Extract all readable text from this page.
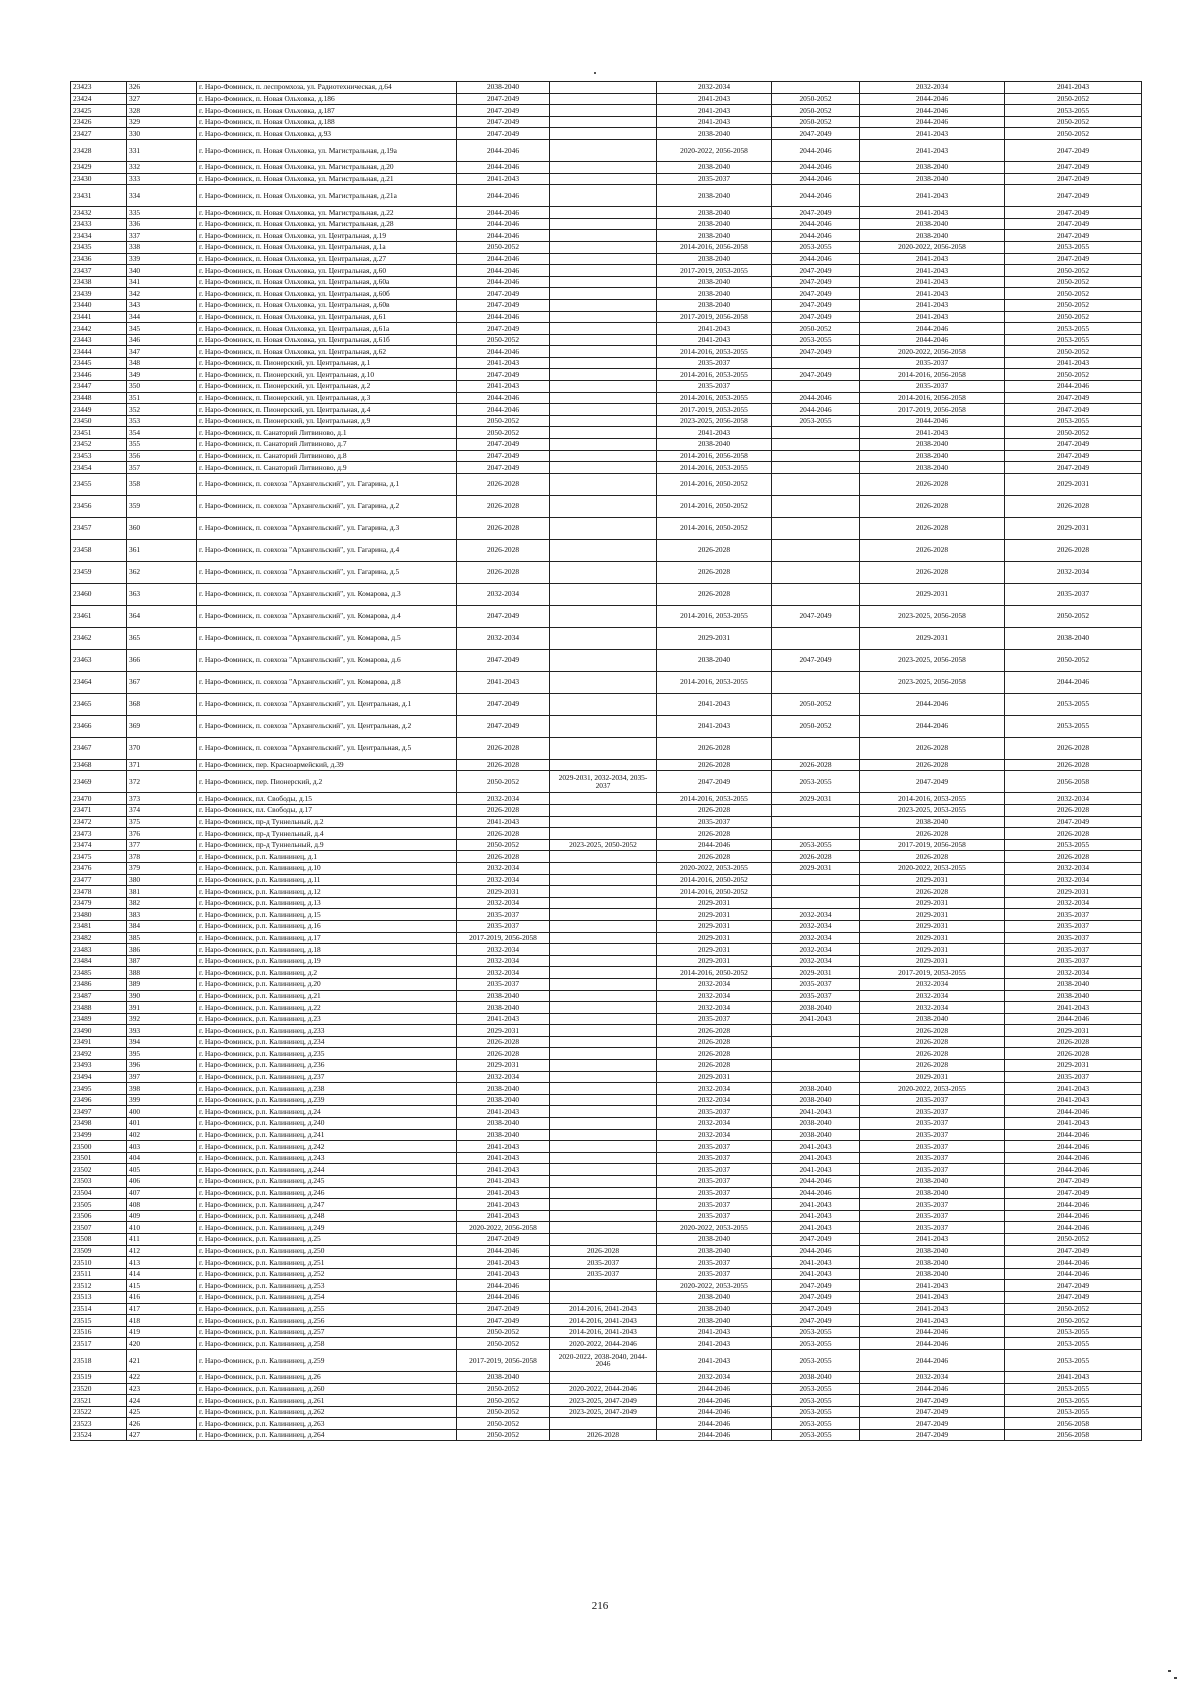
23423	326	г. Наро-Фоминск, п. леспромхоза, ул. Радиотехническая, д.64	2038-2040		2032-2034		2032-2034	2041-2043
23424	327	г. Наро-Фоминск, п. Новая Ольховка, д.186	2047-2049		2041-2043	2050-2052	2044-2046	2050-2052
23425	328	г. Наро-Фоминск, п. Новая Ольховка, д.187	2047-2049		2041-2043	2050-2052	2044-2046	2053-2055
23426	329	г. Наро-Фоминск, п. Новая Ольховка, д.188	2047-2049		2041-2043	2050-2052	2044-2046	2050-2052
23427	330	г. Наро-Фоминск, п. Новая Ольховка, д.93	2047-2049		2038-2040	2047-2049	2041-2043	2050-2052
23428	331	г. Наро-Фоминск, п. Новая Ольховка, ул. Магистральная, д.19а	2044-2046		2020-2022, 2056-2058	2044-2046	2041-2043	2047-2049
23429	332	г. Наро-Фоминск, п. Новая Ольховка, ул. Магистральная, д.20	2044-2046		2038-2040	2044-2046	2038-2040	2047-2049
23430	333	г. Наро-Фоминск, п. Новая Ольховка, ул. Магистральная, д.21	2041-2043		2035-2037	2044-2046	2038-2040	2047-2049
23431	334	г. Наро-Фоминск, п. Новая Ольховка, ул. Магистральная, д.21а	2044-2046		2038-2040	2044-2046	2041-2043	2047-2049
23432	335	г. Наро-Фоминск, п. Новая Ольховка, ул. Магистральная, д.22	2044-2046		2038-2040	2047-2049	2041-2043	2047-2049
23433	336	г. Наро-Фоминск, п. Новая Ольховка, ул. Магистральная, д.28	2044-2046		2038-2040	2044-2046	2038-2040	2047-2049
23434	337	г. Наро-Фоминск, п. Новая Ольховка, ул. Центральная, д.19	2044-2046		2038-2040	2044-2046	2038-2040	2047-2049
23435	338	г. Наро-Фоминск, п. Новая Ольховка, ул. Центральная, д.1а	2050-2052		2014-2016, 2056-2058	2053-2055	2020-2022, 2056-2058	2053-2055
23436	339	г. Наро-Фоминск, п. Новая Ольховка, ул. Центральная, д.27	2044-2046		2038-2040	2044-2046	2041-2043	2047-2049
23437	340	г. Наро-Фоминск, п. Новая Ольховка, ул. Центральная, д.60	2044-2046		2017-2019, 2053-2055	2047-2049	2041-2043	2050-2052
23438	341	г. Наро-Фоминск, п. Новая Ольховка, ул. Центральная, д.60а	2044-2046		2038-2040	2047-2049	2041-2043	2050-2052
23439	342	г. Наро-Фоминск, п. Новая Ольховка, ул. Центральная, д.60б	2047-2049		2038-2040	2047-2049	2041-2043	2050-2052
23440	343	г. Наро-Фоминск, п. Новая Ольховка, ул. Центральная, д.60в	2047-2049		2038-2040	2047-2049	2041-2043	2050-2052
23441	344	г. Наро-Фоминск, п. Новая Ольховка, ул. Центральная, д.61	2044-2046		2017-2019, 2056-2058	2047-2049	2041-2043	2050-2052
23442	345	г. Наро-Фоминск, п. Новая Ольховка, ул. Центральная, д.61а	2047-2049		2041-2043	2050-2052	2044-2046	2053-2055
23443	346	г. Наро-Фоминск, п. Новая Ольховка, ул. Центральная, д.61б	2050-2052		2041-2043	2053-2055	2044-2046	2053-2055
23444	347	г. Наро-Фоминск, п. Новая Ольховка, ул. Центральная, д.62	2044-2046		2014-2016, 2053-2055	2047-2049	2020-2022, 2056-2058	2050-2052
23445	348	г. Наро-Фоминск, п. Пионерский, ул. Центральная, д.1	2041-2043		2035-2037		2035-2037	2041-2043
23446	349	г. Наро-Фоминск, п. Пионерский, ул. Центральная, д.10	2047-2049		2014-2016, 2053-2055	2047-2049	2014-2016, 2056-2058	2050-2052
23447	350	г. Наро-Фоминск, п. Пионерский, ул. Центральная, д.2	2041-2043		2035-2037		2035-2037	2044-2046
23448	351	г. Наро-Фоминск, п. Пионерский, ул. Центральная, д.3	2044-2046		2014-2016, 2053-2055	2044-2046	2014-2016, 2056-2058	2047-2049
23449	352	г. Наро-Фоминск, п. Пионерский, ул. Центральная, д.4	2044-2046		2017-2019, 2053-2055	2044-2046	2017-2019, 2056-2058	2047-2049
23450	353	г. Наро-Фоминск, п. Пионерский, ул. Центральная, д.9	2050-2052		2023-2025, 2056-2058	2053-2055	2044-2046	2053-2055
23451	354	г. Наро-Фоминск, п. Санаторий Литвиново, д.1	2050-2052		2041-2043		2041-2043	2050-2052
23452	355	г. Наро-Фоминск, п. Санаторий Литвиново, д.7	2047-2049		2038-2040		2038-2040	2047-2049
23453	356	г. Наро-Фоминск, п. Санаторий Литвиново, д.8	2047-2049		2014-2016, 2056-2058		2038-2040	2047-2049
23454	357	г. Наро-Фоминск, п. Санаторий Литвиново, д.9	2047-2049		2014-2016, 2053-2055		2038-2040	2047-2049
23455	358	г. Наро-Фоминск, п. совхоза "Архангельский", ул. Гагарина, д.1	2026-2028		2014-2016, 2050-2052		2026-2028	2029-2031
23456	359	г. Наро-Фоминск, п. совхоза "Архангельский", ул. Гагарина, д.2	2026-2028		2014-2016, 2050-2052		2026-2028	2026-2028
23457	360	г. Наро-Фоминск, п. совхоза "Архангельский", ул. Гагарина, д.3	2026-2028		2014-2016, 2050-2052		2026-2028	2029-2031
23458	361	г. Наро-Фоминск, п. совхоза "Архангельский", ул. Гагарина, д.4	2026-2028		2026-2028		2026-2028	2026-2028
23459	362	г. Наро-Фоминск, п. совхоза "Архангельский", ул. Гагарина, д.5	2026-2028		2026-2028		2026-2028	2032-2034
23460	363	г. Наро-Фоминск, п. совхоза "Архангельский", ул. Комарова, д.3	2032-2034		2026-2028		2029-2031	2035-2037
23461	364	г. Наро-Фоминск, п. совхоза "Архангельский", ул. Комарова, д.4	2047-2049		2014-2016, 2053-2055	2047-2049	2023-2025, 2056-2058	2050-2052
23462	365	г. Наро-Фоминск, п. совхоза "Архангельский", ул. Комарова, д.5	2032-2034		2029-2031		2029-2031	2038-2040
23463	366	г. Наро-Фоминск, п. совхоза "Архангельский", ул. Комарова, д.6	2047-2049		2038-2040	2047-2049	2023-2025, 2056-2058	2050-2052
23464	367	г. Наро-Фоминск, п. совхоза "Архангельский", ул. Комарова, д.8	2041-2043		2014-2016, 2053-2055		2023-2025, 2056-2058	2044-2046
23465	368	г. Наро-Фоминск, п. совхоза "Архангельский", ул. Центральная, д.1	2047-2049		2041-2043	2050-2052	2044-2046	2053-2055
23466	369	г. Наро-Фоминск, п. совхоза "Архангельский", ул. Центральная, д.2	2047-2049		2041-2043	2050-2052	2044-2046	2053-2055
23467	370	г. Наро-Фоминск, п. совхоза "Архангельский", ул. Центральная, д.5	2026-2028		2026-2028		2026-2028	2026-2028
23468	371	г. Наро-Фоминск, пер. Красноармейский, д.39	2026-2028		2026-2028	2026-2028	2026-2028	2026-2028
23469	372	г. Наро-Фоминск, пер. Пионерский, д.2	2050-2052	2029-2031, 2032-2034, 2035-2037	2047-2049	2053-2055	2047-2049	2056-2058
23470	373	г. Наро-Фоминск, пл. Свободы, д.15	2032-2034		2014-2016, 2053-2055	2029-2031	2014-2016, 2053-2055	2032-2034
23471	374	г. Наро-Фоминск, пл. Свободы, д.17	2026-2028		2026-2028		2023-2025, 2053-2055	2026-2028
23472	375	г. Наро-Фоминск, пр-д Туннельный, д.2	2041-2043		2035-2037		2038-2040	2047-2049
23473	376	г. Наро-Фоминск, пр-д Туннельный, д.4	2026-2028		2026-2028		2026-2028	2026-2028
23474	377	г. Наро-Фоминск, пр-д Туннельный, д.9	2050-2052	2023-2025, 2050-2052	2044-2046	2053-2055	2017-2019, 2056-2058	2053-2055
23475	378	г. Наро-Фоминск, р.п. Калининец, д.1	2026-2028		2026-2028	2026-2028	2026-2028	2026-2028
23476	379	г. Наро-Фоминск, р.п. Калининец, д.10	2032-2034		2020-2022, 2053-2055	2029-2031	2020-2022, 2053-2055	2032-2034
23477	380	г. Наро-Фоминск, р.п. Калининец, д.11	2032-2034		2014-2016, 2050-2052		2029-2031	2032-2034
23478	381	г. Наро-Фоминск, р.п. Калининец, д.12	2029-2031		2014-2016, 2050-2052		2026-2028	2029-2031
23479	382	г. Наро-Фоминск, р.п. Калининец, д.13	2032-2034		2029-2031		2029-2031	2032-2034
23480	383	г. Наро-Фоминск, р.п. Калининец, д.15	2035-2037		2029-2031	2032-2034	2029-2031	2035-2037
23481	384	г. Наро-Фоминск, р.п. Калининец, д.16	2035-2037		2029-2031	2032-2034	2029-2031	2035-2037
23482	385	г. Наро-Фоминск, р.п. Калининец, д.17	2017-2019, 2056-2058		2029-2031	2032-2034	2029-2031	2035-2037
23483	386	г. Наро-Фоминск, р.п. Калининец, д.18	2032-2034		2029-2031	2032-2034	2029-2031	2035-2037
23484	387	г. Наро-Фоминск, р.п. Калининец, д.19	2032-2034		2029-2031	2032-2034	2029-2031	2035-2037
23485	388	г. Наро-Фоминск, р.п. Калининец, д.2	2032-2034		2014-2016, 2050-2052	2029-2031	2017-2019, 2053-2055	2032-2034
23486	389	г. Наро-Фоминск, р.п. Калининец, д.20	2035-2037		2032-2034	2035-2037	2032-2034	2038-2040
23487	390	г. Наро-Фоминск, р.п. Калининец, д.21	2038-2040		2032-2034	2035-2037	2032-2034	2038-2040
23488	391	г. Наро-Фоминск, р.п. Калининец, д.22	2038-2040		2032-2034	2038-2040	2032-2034	2041-2043
23489	392	г. Наро-Фоминск, р.п. Калининец, д.23	2041-2043		2035-2037	2041-2043	2038-2040	2044-2046
23490	393	г. Наро-Фоминск, р.п. Калининец, д.233	2029-2031		2026-2028		2026-2028	2029-2031
23491	394	г. Наро-Фоминск, р.п. Калининец, д.234	2026-2028		2026-2028		2026-2028	2026-2028
23492	395	г. Наро-Фоминск, р.п. Калининец, д.235	2026-2028		2026-2028		2026-2028	2026-2028
23493	396	г. Наро-Фоминск, р.п. Калининец, д.236	2029-2031		2026-2028		2026-2028	2029-2031
23494	397	г. Наро-Фоминск, р.п. Калининец, д.237	2032-2034		2029-2031		2029-2031	2035-2037
23495	398	г. Наро-Фоминск, р.п. Калининец, д.238	2038-2040		2032-2034	2038-2040	2020-2022, 2053-2055	2041-2043
23496	399	г. Наро-Фоминск, р.п. Калининец, д.239	2038-2040		2032-2034	2038-2040	2035-2037	2041-2043
23497	400	г. Наро-Фоминск, р.п. Калининец, д.24	2041-2043		2035-2037	2041-2043	2035-2037	2044-2046
23498	401	г. Наро-Фоминск, р.п. Калининец, д.240	2038-2040		2032-2034	2038-2040	2035-2037	2041-2043
23499	402	г. Наро-Фоминск, р.п. Калининец, д.241	2038-2040		2032-2034	2038-2040	2035-2037	2044-2046
23500	403	г. Наро-Фоминск, р.п. Калининец, д.242	2041-2043		2035-2037	2041-2043	2035-2037	2044-2046
23501	404	г. Наро-Фоминск, р.п. Калининец, д.243	2041-2043		2035-2037	2041-2043	2035-2037	2044-2046
23502	405	г. Наро-Фоминск, р.п. Калининец, д.244	2041-2043		2035-2037	2041-2043	2035-2037	2044-2046
23503	406	г. Наро-Фоминск, р.п. Калининец, д.245	2041-2043		2035-2037	2044-2046	2038-2040	2047-2049
23504	407	г. Наро-Фоминск, р.п. Калининец, д.246	2041-2043		2035-2037	2044-2046	2038-2040	2047-2049
23505	408	г. Наро-Фоминск, р.п. Калининец, д.247	2041-2043		2035-2037	2041-2043	2035-2037	2044-2046
23506	409	г. Наро-Фоминск, р.п. Калининец, д.248	2041-2043		2035-2037	2041-2043	2035-2037	2044-2046
23507	410	г. Наро-Фоминск, р.п. Калининец, д.249	2020-2022, 2056-2058		2020-2022, 2053-2055	2041-2043	2035-2037	2044-2046
23508	411	г. Наро-Фоминск, р.п. Калининец, д.25	2047-2049		2038-2040	2047-2049	2041-2043	2050-2052
23509	412	г. Наро-Фоминск, р.п. Калининец, д.250	2044-2046	2026-2028	2038-2040	2044-2046	2038-2040	2047-2049
23510	413	г. Наро-Фоминск, р.п. Калининец, д.251	2041-2043	2035-2037	2035-2037	2041-2043	2038-2040	2044-2046
23511	414	г. Наро-Фоминск, р.п. Калининец, д.252	2041-2043	2035-2037	2035-2037	2041-2043	2038-2040	2044-2046
23512	415	г. Наро-Фоминск, р.п. Калининец, д.253	2044-2046		2020-2022, 2053-2055	2047-2049	2041-2043	2047-2049
23513	416	г. Наро-Фоминск, р.п. Калининец, д.254	2044-2046		2038-2040	2047-2049	2041-2043	2047-2049
23514	417	г. Наро-Фоминск, р.п. Калининец, д.255	2047-2049	2014-2016, 2041-2043	2038-2040	2047-2049	2041-2043	2050-2052
23515	418	г. Наро-Фоминск, р.п. Калининец, д.256	2047-2049	2014-2016, 2041-2043	2038-2040	2047-2049	2041-2043	2050-2052
23516	419	г. Наро-Фоминск, р.п. Калининец, д.257	2050-2052	2014-2016, 2041-2043	2041-2043	2053-2055	2044-2046	2053-2055
23517	420	г. Наро-Фоминск, р.п. Калининец, д.258	2050-2052	2020-2022, 2044-2046	2041-2043	2053-2055	2044-2046	2053-2055
23518	421	г. Наро-Фоминск, р.п. Калининец, д.259	2017-2019, 2056-2058	2020-2022, 2038-2040, 2044-2046	2041-2043	2053-2055	2044-2046	2053-2055
23519	422	г. Наро-Фоминск, р.п. Калининец, д.26	2038-2040		2032-2034	2038-2040	2032-2034	2041-2043
23520	423	г. Наро-Фоминск, р.п. Калининец, д.260	2050-2052	2020-2022, 2044-2046	2044-2046	2053-2055	2044-2046	2053-2055
23521	424	г. Наро-Фоминск, р.п. Калининец, д.261	2050-2052	2023-2025, 2047-2049	2044-2046	2053-2055	2047-2049	2053-2055
23522	425	г. Наро-Фоминск, р.п. Калининец, д.262	2050-2052	2023-2025, 2047-2049	2044-2046	2053-2055	2047-2049	2053-2055
23523	426	г. Наро-Фоминск, р.п. Калининец, д.263	2050-2052		2044-2046	2053-2055	2047-2049	2056-2058
23524	427	г. Наро-Фоминск, р.п. Калининец, д.264	2050-2052	2026-2028	2044-2046	2053-2055	2047-2049	2056-2058
216
